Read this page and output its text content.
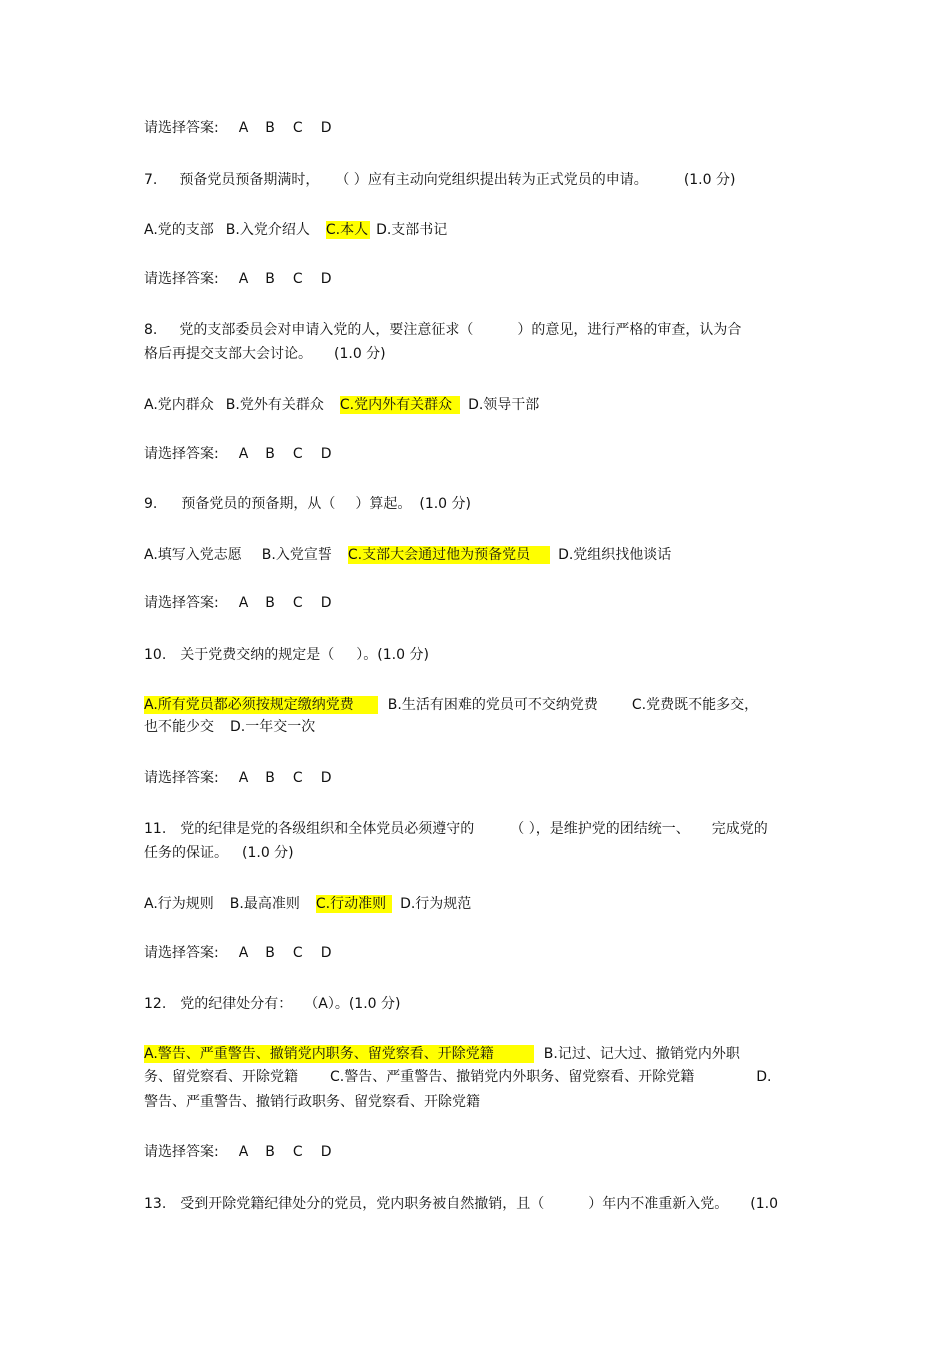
请选择答案: A B C D
7. 预备党员预备期满时， （ ）应有主动向党组织提出转为正式党员的申请。	(1.0 分)
A.党的支部 B.入党介绍人 C.本人 D.支部书记
请选择答案: A B C D
8. 党的支部委员会对申请入党的人，要注意征求（	）的意见，进行严格的审查，认为合
格后再提交支部大会讨论。 (1.0 分)
A.党内群众 B.党外有关群众 C.党内外有关群众 D.领导干部
请选择答案: A B C D
9. 预备党员的预备期，从（ ）算起。 (1.0 分)
A.填写入党志愿 B.入党宣誓 C.支部大会通过他为预备党员 D.党组织找他谈话
请选择答案: A B C D
10. 关于党费交纳的规定是（ ）。(1.0 分)
A.所有党员都必须按规定缴纳党费 B.生活有困难的党员可不交纳党费 C.党费既不能多交，
也不能少交 D.一年交一次
请选择答案: A B C D
11. 党的纪律是党的各级组织和全体党员必须遵守的	（ ），是维护党的团结统一、 完成党的
任务的保证。 (1.0 分)
A.行为规则 B.最高准则 C.行动准则 D.行为规范
请选择答案: A B C D
12. 党的纪律处分有： （A）。(1.0 分)
A.警告、严重警告、撤销党内职务、留党察看、开除党籍	B.记过、记大过、撤销党内外职
务、留党察看、开除党籍 C.警告、严重警告、撤销党内外职务、留党察看、开除党籍	D.
警告、严重警告、撤销行政职务、留党察看、开除党籍
请选择答案: A B C D
13. 受到开除党籍纪律处分的党员，党内职务被自然撤销，且（	）年内不准重新入党。 (1.0
